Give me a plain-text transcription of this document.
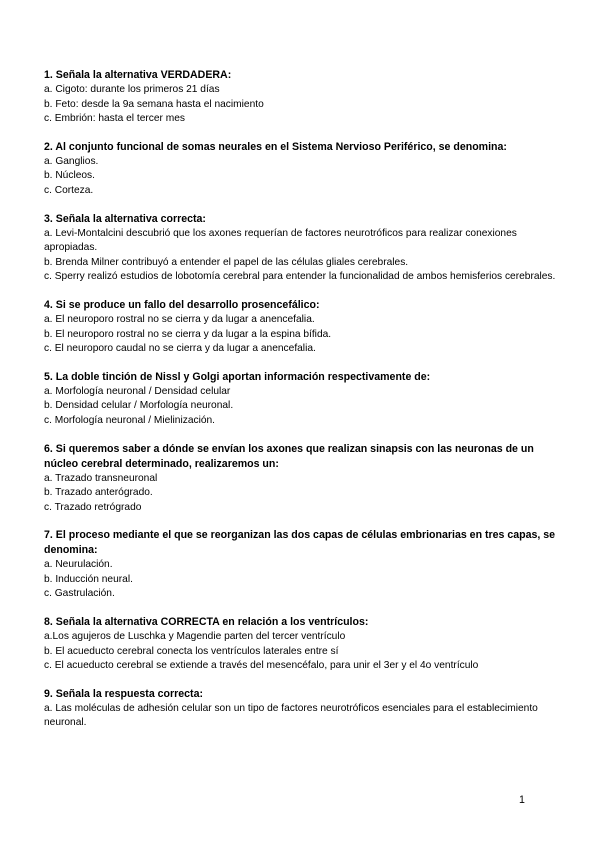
1. Señala la alternativa VERDADERA:

a. Cigoto: durante los primeros 21 días

b. Feto: desde la 9a semana hasta el nacimiento

c. Embrión: hasta el tercer mes

2. Al conjunto funcional de somas neurales en el Sistema Nervioso Periférico, se denomina:

a. Ganglios.

b. Núcleos.

c. Corteza.

3. Señala la alternativa correcta:

a. Levi-Montalcini descubrió que los axones requerían de factores neurotróficos para realizar conexiones apropiadas.

b. Brenda Milner contribuyó a entender el papel de las células gliales cerebrales.

c. Sperry realizó estudios de lobotomía cerebral para entender la funcionalidad de ambos hemisferios cerebrales.

4. Si se produce un fallo del desarrollo prosencefálico:

a. El neuroporo rostral no se cierra y da lugar a anencefalia.

b. El neuroporo rostral no se cierra y da lugar a la espina bífida.

c. El neuroporo caudal no se cierra y da lugar a anencefalia.

5. La doble tinción de Nissl y Golgi aportan información respectivamente de:

a. Morfología neuronal / Densidad celular

b. Densidad celular / Morfología neuronal.

c. Morfología neuronal / Mielinización.

6. Si queremos saber a dónde se envían los axones que realizan sinapsis con las neuronas de un núcleo cerebral determinado, realizaremos un:

a. Trazado transneuronal

b. Trazado anterógrado.

c. Trazado retrógrado

7. El proceso mediante el que se reorganizan las dos capas de células embrionarias en tres capas, se denomina:

a. Neurulación.

b. Inducción neural.

c. Gastrulación.

8. Señala la alternativa CORRECTA en relación a los ventrículos:

a.Los agujeros de Luschka y Magendie parten del tercer ventrículo

b. El acueducto cerebral conecta los ventrículos laterales entre sí

c. El acueducto cerebral se extiende a través del mesencéfalo, para unir el 3er y el 4o ventrículo

9. Señala la respuesta correcta:

a. Las moléculas de adhesión celular son un tipo de factores neurotróficos esenciales para el establecimiento neuronal.

1
